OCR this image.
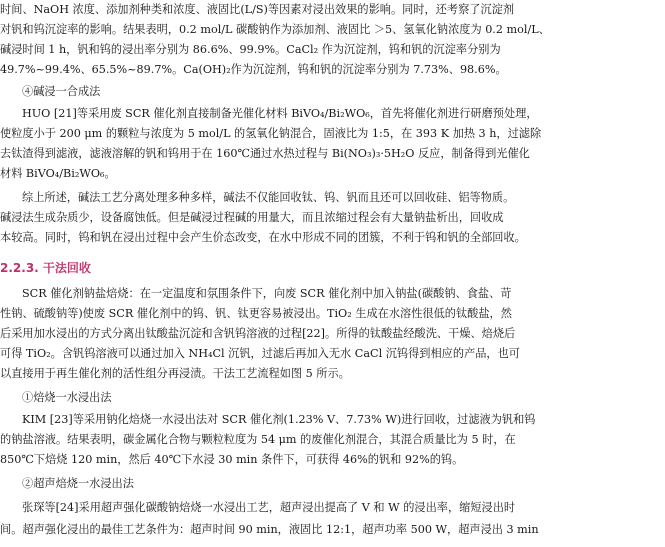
时间、NaOH 浓度、添加剂种类和浓度、液固比(L/S)等因素对浸出效果的影响。同时，还考察了沉淀剂
对钒和钨沉淀率的影响。结果表明，0.2 mol/L 碳酸钠作为添加剂、液固比 ＞5、氢氧化钠浓度为 0.2 mol/L、
碱浸时间 1 h，钒和钨的浸出率分别为 86.6%、99.9%。CaCl₂ 作为沉淀剂，钨和钒的沉淀率分别为
49.7%~99.4%、65.5%~89.7%。Ca(OH)₂作为沉淀剂，钨和钒的沉淀率分别为 7.73%、98.6%。
④碱浸一合成法
HUO [21]等采用废 SCR 催化剂直接制备光催化材料 BiVO₄/Bi₂WO₆，首先将催化剂进行研磨预处理，
使粒度小于 200 μm 的颗粒与浓度为 5 mol/L 的氢氧化钠混合，固液比为 1:5，在 393 K 加热 3 h，过滤除
去钛渣得到滤液，滤液溶解的钒和钨用于在 160℃通过水热过程与 Bi(NO₃)₃·5H₂O 反应，制备得到光催化
材料 BiVO₄/Bi₂WO₆。
综上所述，碱法工艺分离处理多种多样，碱法不仅能回收钛、钨、钒而且还可以回收硅、铝等物质。
碱浸法生成杂质少，设备腐蚀低。但是碱浸过程碱的用量大，而且浓缩过程会有大量钠盐析出，回收成
本较高。同时，钨和钒在浸出过程中会产生价态改变，在水中形成不同的团簇，不利于钨和钒的全部回收。
2.2.3. 干法回收
SCR 催化剂钠盐焙烧：在一定温度和氛围条件下，向废 SCR 催化剂中加入钠盐(碳酸钠、食盐、苛
性钠、硫酸钠等)使废 SCR 催化剂中的钨、钒、钛更容易被浸出。TiO₂ 生成在水溶性很低的钛酸盐，然
后采用加水浸出的方式分离出钛酸盐沉淀和含钒钨溶液的过程[22]。所得的钛酸盐经酸洗、干燥、焙烧后
可得 TiO₂。含钒钨溶液可以通过加入 NH₄Cl 沉钒，过滤后再加入无水 CaCl 沉钨得到相应的产品，也可
以直接用于再生催化剂的活性组分再浸渍。干法工艺流程如图 5 所示。
①焙烧一水浸出法
KIM [23]等采用钠化焙烧一水浸出法对 SCR 催化剂(1.23% V、7.73% W)进行回收，过滤液为钒和钨
的钠盐溶液。结果表明，碳金属化合物与颗粒粒度为 54 μm 的废催化剂混合，其混合质量比为 5 时，在
850℃下焙烧 120 min，然后 40℃下水浸 30 min 条件下，可获得 46%的钒和 92%的钨。
②超声焙烧一水浸出法
张琛等[24]采用超声强化碳酸钠焙烧一水浸出工艺，超声浸出提高了 V 和 W 的浸出率，缩短浸出时
间。超声强化浸出的最佳工艺条件为：超声时间 90 min，液固比 12:1，超声功率 500 W，超声浸出 3 min
